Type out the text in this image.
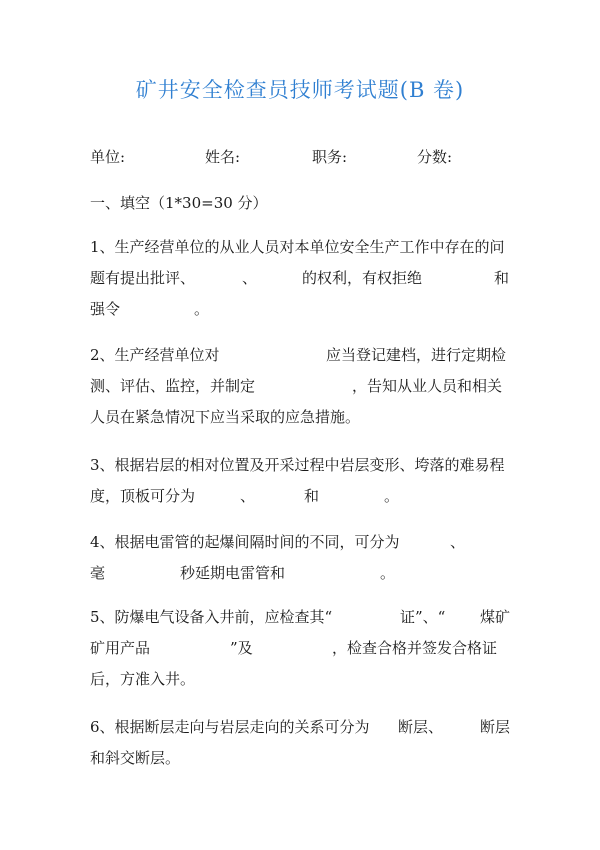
矿井安全检查员技师考试题(B 卷)
单位:	姓名:	职务:	分数:
一、填空（1*30=30 分）
1、生产经营单位的从业人员对本单位安全生产工作中存在的问
题有提出批评、	、	的权利，有权拒绝	和
强令	。
2、生产经营单位对	应当登记建档，进行定期检
测、评估、监控，并制定	，告知从业人员和相关
人员在紧急情况下应当采取的应急措施。
3、根据岩层的相对位置及开采过程中岩层变形、垮落的难易程
度，顶板可分为	、	和	。
4、根据电雷管的起爆间隔时间的不同，可分为	、
毫	秒延期电雷管和	。
5、防爆电气设备入井前，应检查其“	证”、“ 煤矿
矿用产品	”及	，检查合格并签发合格证
后，方准入井。
6、根据断层走向与岩层走向的关系可分为 断层、 断层
和斜交断层。
